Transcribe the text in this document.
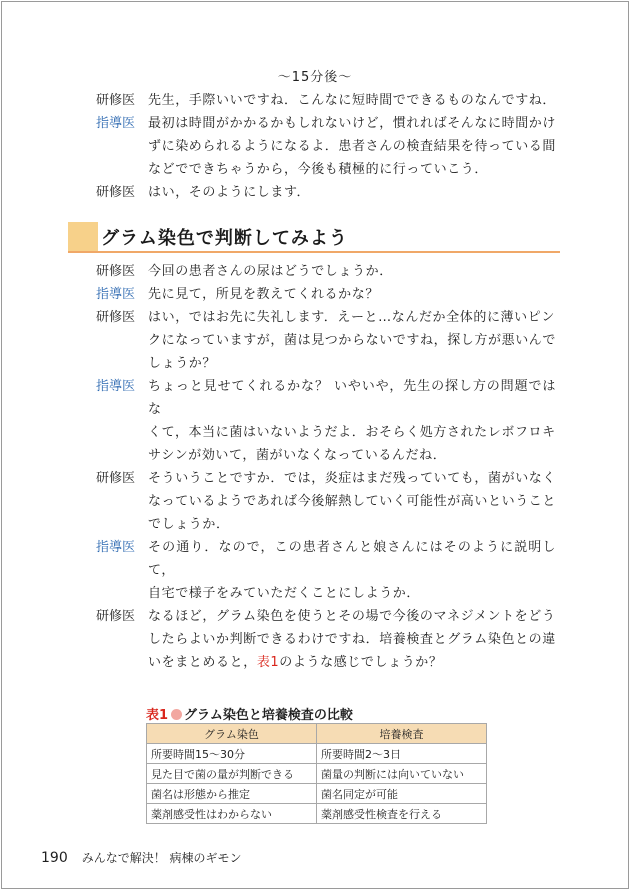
～15分後～
研修医 先生，手際いいですね．こんなに短時間でできるものなんですね．
指導医 最初は時間がかかるかもしれないけど，慣れればそんなに時間かけ
ずに染められるようになるよ．患者さんの検査結果を待っている間
などでできちゃうから，今後も積極的に行っていこう．
研修医 はい，そのようにします．
グラム染色で判断してみよう
研修医 今回の患者さんの尿はどうでしょうか．
指導医 先に見て，所見を教えてくれるかな？
研修医 はい，ではお先に失礼します．えーと…なんだか全体的に薄いピン
クになっていますが，菌は見つからないですね，探し方が悪いんで
しょうか？
指導医 ちょっと見せてくれるかな？ いやいや，先生の探し方の問題ではな
くて，本当に菌はいないようだよ．おそらく処方されたレボフロキ
サシンが効いて，菌がいなくなっているんだね．
研修医 そういうことですか．では，炎症はまだ残っていても，菌がいなく
なっているようであれば今後解熱していく可能性が高いということ
でしょうか．
指導医 その通り．なので，この患者さんと娘さんにはそのように説明して，
自宅で様子をみていただくことにしようか．
研修医 なるほど，グラム染色を使うとその場で今後のマネジメントをどう
したらよいか判断できるわけですね．培養検査とグラム染色との違
いをまとめると，表1のような感じでしょうか？
表1 グラム染色と培養検査の比較
グラム染色	培養検査
所要時間15～30分	所要時間2～3日
見た目で菌の量が判断できる	菌量の判断には向いていない
菌名は形態から推定	菌名同定が可能
薬剤感受性はわからない	薬剤感受性検査を行える
190 みんなで解決！ 病棟のギモン
